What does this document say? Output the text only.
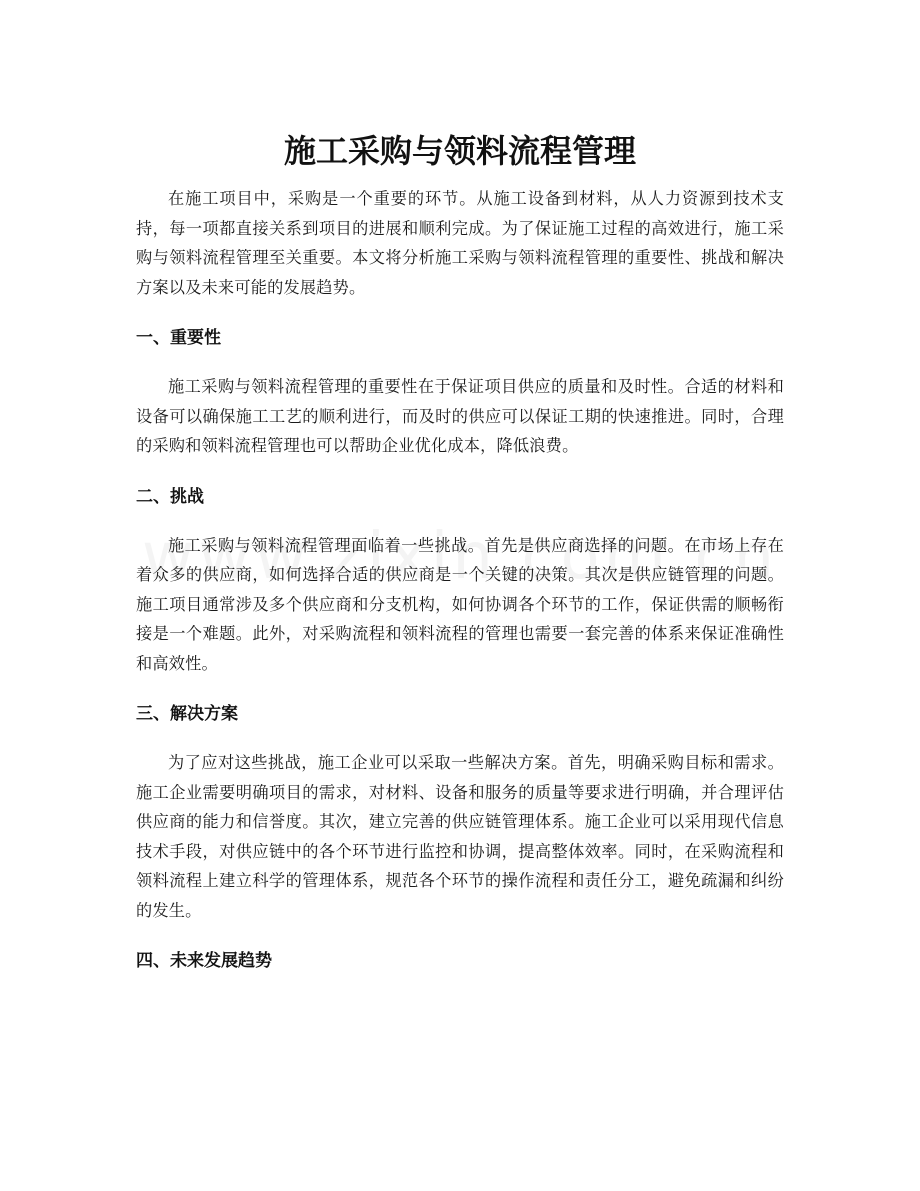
施工采购与领料流程管理

在施工项目中，采购是一个重要的环节。从施工设备到材料，从人力资源到技术支持，每一项都直接关系到项目的进展和顺利完成。为了保证施工过程的高效进行，施工采购与领料流程管理至关重要。本文将分析施工采购与领料流程管理的重要性、挑战和解决方案以及未来可能的发展趋势。

一、重要性

施工采购与领料流程管理的重要性在于保证项目供应的质量和及时性。合适的材料和设备可以确保施工工艺的顺利进行，而及时的供应可以保证工期的快速推进。同时，合理的采购和领料流程管理也可以帮助企业优化成本，降低浪费。

二、挑战

施工采购与领料流程管理面临着一些挑战。首先是供应商选择的问题。在市场上存在着众多的供应商，如何选择合适的供应商是一个关键的决策。其次是供应链管理的问题。施工项目通常涉及多个供应商和分支机构，如何协调各个环节的工作，保证供需的顺畅衔接是一个难题。此外，对采购流程和领料流程的管理也需要一套完善的体系来保证准确性和高效性。

三、解决方案

为了应对这些挑战，施工企业可以采取一些解决方案。首先，明确采购目标和需求。施工企业需要明确项目的需求，对材料、设备和服务的质量等要求进行明确，并合理评估供应商的能力和信誉度。其次，建立完善的供应链管理体系。施工企业可以采用现代信息技术手段，对供应链中的各个环节进行监控和协调，提高整体效率。同时，在采购流程和领料流程上建立科学的管理体系，规范各个环节的操作流程和责任分工，避免疏漏和纠纷的发生。

四、未来发展趋势
